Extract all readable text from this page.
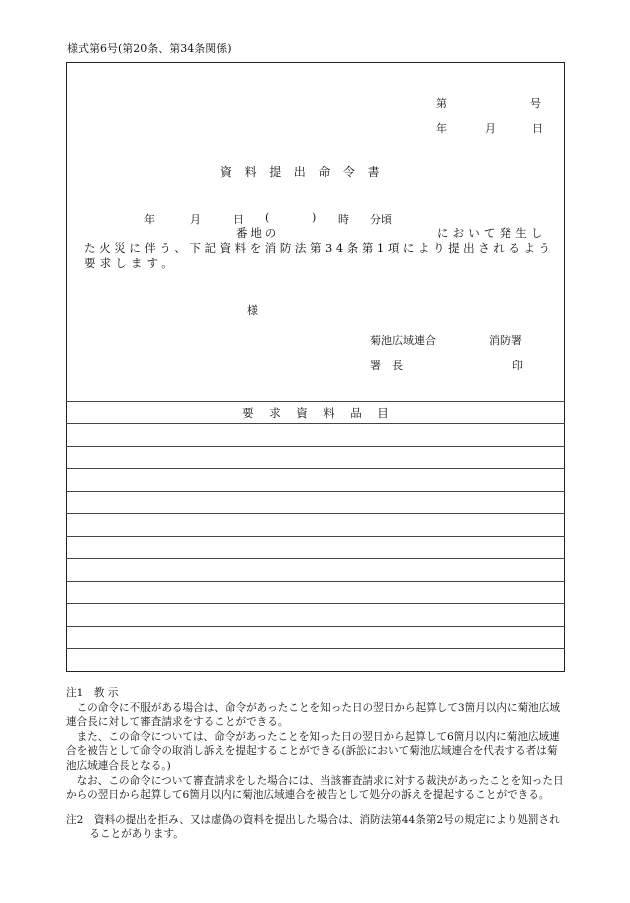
様式第6号(第20条、第34条関係)
第	号
年	月	日
資料提出命令書
年	月	日 (	) 時 分頃
番地の	において発生し
た火災に伴う、下記資料を消防法第34条第1項により提出されるよう
要求します。
様
菊池広域連合	消防署
署　長	印
要求資料品目

注1　教 示

この命令に不服がある場合は、命令があったことを知った日の翌日から起算して3箇月以内に菊池広域連合長に対して審査請求をすることができる。

また、この命令については、命令があったことを知った日の翌日から起算して6箇月以内に菊池広域連合を被告として命令の取消し訴えを提起することができる(訴訟において菊池広域連合を代表する者は菊池広域連合長となる。)

なお、この命令について審査請求をした場合には、当該審査請求に対する裁決があったことを知った日からの翌日から起算して6箇月以内に菊池広域連合を被告として処分の訴えを提起することができる。

注2　資料の提出を拒み、又は虚偽の資料を提出した場合は、消防法第44条第2号の規定により処罰されることがあります。
